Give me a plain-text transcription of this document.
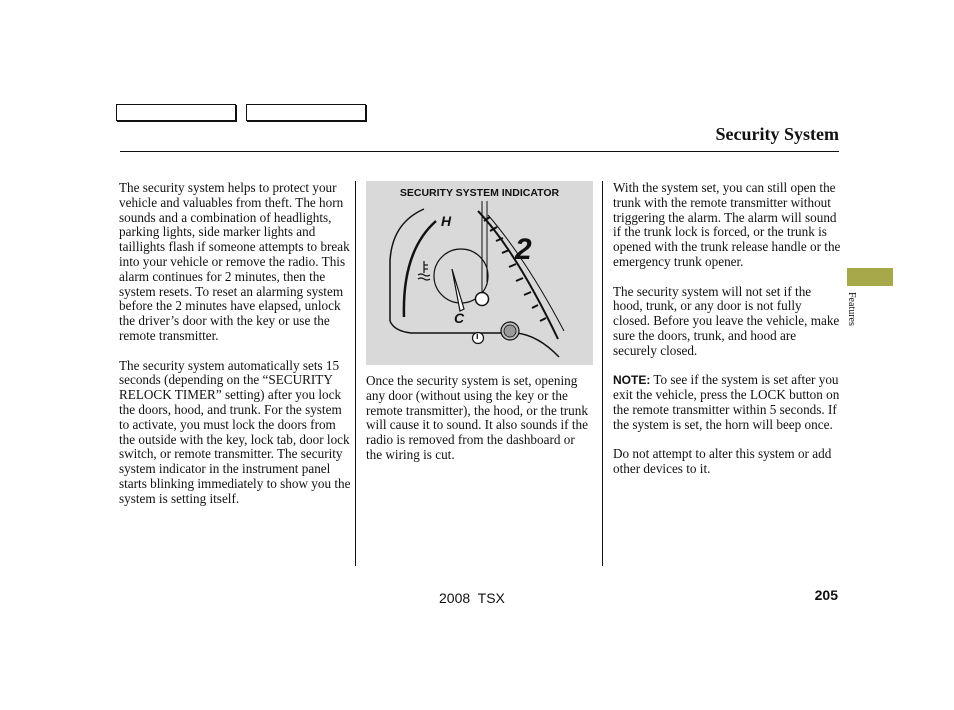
Security System

The security system helps to protect your vehicle and valuables from theft. The horn sounds and a combination of headlights, parking lights, side marker lights and taillights flash if someone attempts to break into your vehicle or remove the radio. This alarm continues for 2 minutes, then the system resets. To reset an alarming system before the 2 minutes have elapsed, unlock the driver’s door with the key or use the remote transmitter.

The security system automatically sets 15 seconds (depending on the “SECURITY RELOCK TIMER” setting) after you lock the doors, hood, and trunk. For the system to activate, you must lock the doors from the outside with the key, lock tab, door lock switch, or remote transmitter. The security system indicator in the instrument panel starts blinking immediately to show you the system is setting itself.

SECURITY SYSTEM INDICATOR
H
C
2
i

Once the security system is set, opening any door (without using the key or the remote transmitter), the hood, or the trunk will cause it to sound. It also sounds if the radio is removed from the dashboard or the wiring is cut.

With the system set, you can still open the trunk with the remote transmitter without triggering the alarm. The alarm will sound if the trunk lock is forced, or the trunk is opened with the trunk release handle or the emergency trunk opener.

The security system will not set if the hood, trunk, or any door is not fully closed. Before you leave the vehicle, make sure the doors, trunk, and hood are securely closed.

NOTE: To see if the system is set after you exit the vehicle, press the LOCK button on the remote transmitter within 5 seconds. If the system is set, the horn will beep once.

Do not attempt to alter this system or add other devices to it.

Features
2008  TSX	205
